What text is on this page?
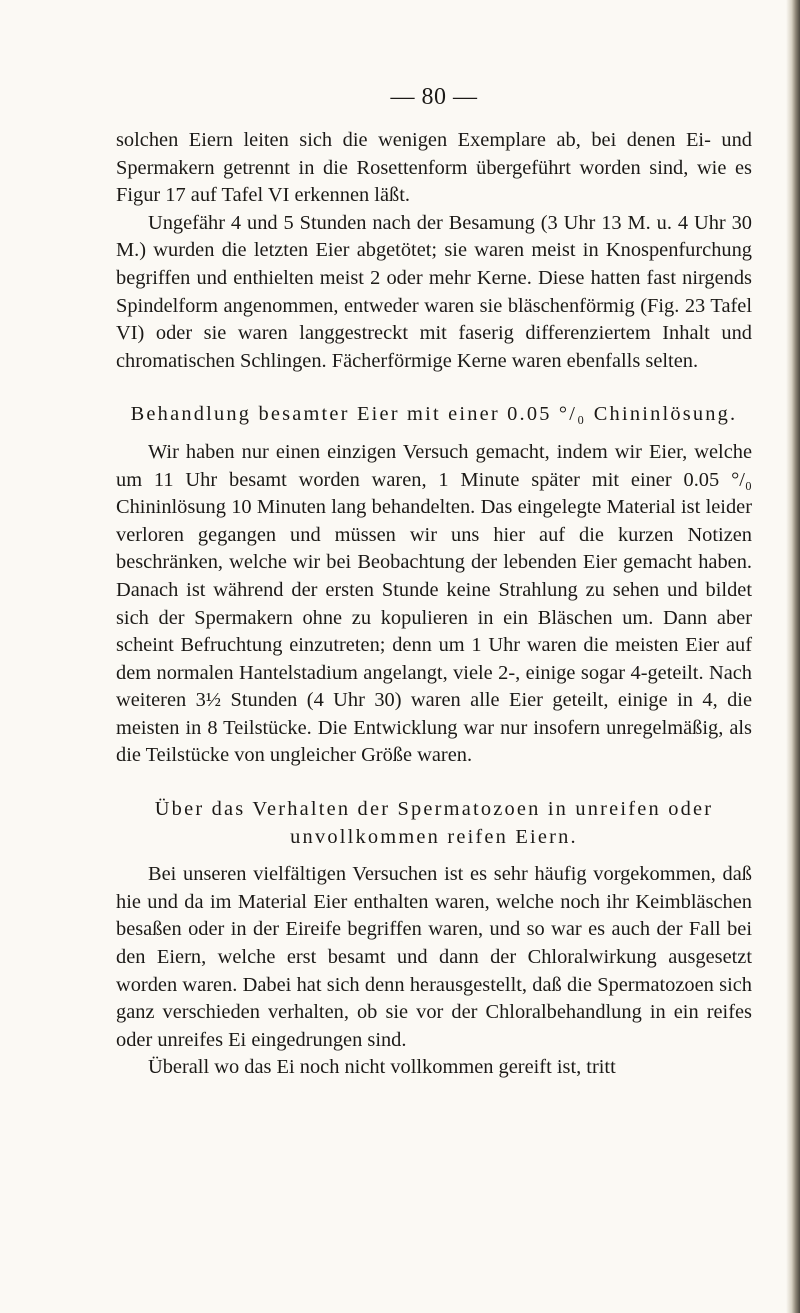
— 80 —

solchen Eiern leiten sich die wenigen Exemplare ab, bei denen Ei- und Spermakern getrennt in die Rosettenform übergeführt worden sind, wie es Figur 17 auf Tafel VI erkennen läßt.

Ungefähr 4 und 5 Stunden nach der Besamung (3 Uhr 13 M. u. 4 Uhr 30 M.) wurden die letzten Eier abgetötet; sie waren meist in Knospenfurchung begriffen und enthielten meist 2 oder mehr Kerne. Diese hatten fast nirgends Spindelform angenommen, entweder waren sie bläschenförmig (Fig. 23 Tafel VI) oder sie waren langgestreckt mit faserig differenziertem Inhalt und chromatischen Schlingen. Fächerförmige Kerne waren ebenfalls selten.

Behandlung besamter Eier mit einer 0.05 °/₀ Chininlösung.

Wir haben nur einen einzigen Versuch gemacht, indem wir Eier, welche um 11 Uhr besamt worden waren, 1 Minute später mit einer 0.05 °/₀ Chininlösung 10 Minuten lang behandelten. Das eingelegte Material ist leider verloren gegangen und müssen wir uns hier auf die kurzen Notizen beschränken, welche wir bei Beobachtung der lebenden Eier gemacht haben. Danach ist während der ersten Stunde keine Strahlung zu sehen und bildet sich der Spermakern ohne zu kopulieren in ein Bläschen um. Dann aber scheint Befruchtung einzutreten; denn um 1 Uhr waren die meisten Eier auf dem normalen Hantelstadium angelangt, viele 2-, einige sogar 4-geteilt. Nach weiteren 3½ Stunden (4 Uhr 30) waren alle Eier geteilt, einige in 4, die meisten in 8 Teilstücke. Die Entwicklung war nur insofern unregelmäßig, als die Teilstücke von ungleicher Größe waren.

Über das Verhalten der Spermatozoen in unreifen oder unvollkommen reifen Eiern.

Bei unseren vielfältigen Versuchen ist es sehr häufig vorgekommen, daß hie und da im Material Eier enthalten waren, welche noch ihr Keimbläschen besaßen oder in der Eireife begriffen waren, und so war es auch der Fall bei den Eiern, welche erst besamt und dann der Chloralwirkung ausgesetzt worden waren. Dabei hat sich denn herausgestellt, daß die Spermatozoen sich ganz verschieden verhalten, ob sie vor der Chloralbehandlung in ein reifes oder unreifes Ei eingedrungen sind.

Überall wo das Ei noch nicht vollkommen gereift ist, tritt
